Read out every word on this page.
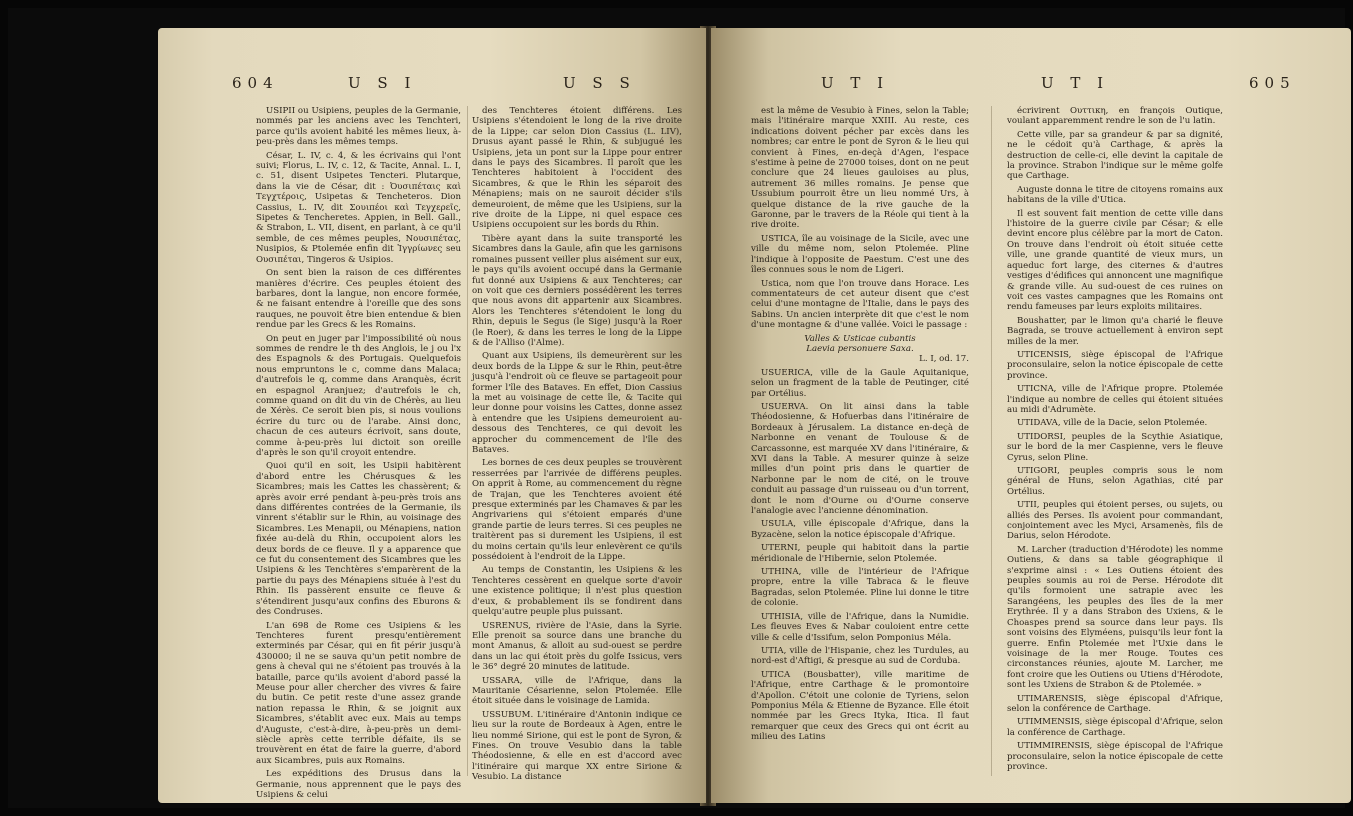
604	U S I	U S S

USIPII ou Usipiens, peuples de la Germanie, nommés par les anciens avec les Tenchteri, parce qu'ils avoient habité les mêmes lieux, à-peu-près dans les mêmes temps.

César, L. IV, c. 4, & les écrivains qui l'ont suivi; Florus, L. IV, c. 12, & Tacite, Annal. L. I, c. 51, disent Usipetes Tencteri. Plutarque, dans la vie de César, dit : Ὀυσιπέταις καὶ Τεγχτέροις, Usipetas & Tencheteros. Dion Cassius, L. IV, dit Σουιπέοι καὶ Τεγχερεῖς, Sipetes & Tencheretes. Appien, in Bell. Gall., & Strabon, L. VII, disent, en parlant, à ce qu'il semble, de ces mêmes peuples, Νουσιπέτας, Nusipios, & Ptolemée enfin dit Ἰγγρίωνες seu Ουσιπέται, Tingeros & Usipios.

On sent bien la raison de ces différentes manières d'écrire. Ces peuples étoient des barbares, dont la langue, non encore formée, & ne faisant entendre à l'oreille que des sons rauques, ne pouvoit être bien entendue & bien rendue par les Grecs & les Romains.

On peut en juger par l'impossibilité où nous sommes de rendre le th des Anglois, le j ou l'x des Espagnols & des Portugais. Quelquefois nous empruntons le c, comme dans Malaca; d'autrefois le q, comme dans Aranquès, écrit en espagnol Aranjuez; d'autrefois le ch, comme quand on dit du vin de Chérès, au lieu de Xérès. Ce seroit bien pis, si nous voulions écrire du turc ou de l'arabe. Ainsi donc, chacun de ces auteurs écrivoit, sans doute, comme à-peu-près lui dictoit son oreille d'après le son qu'il croyoit entendre.

Quoi qu'il en soit, les Usipii habitèrent d'abord entre les Chérusques & les Sicambres; mais les Cattes les chassèrent; & après avoir erré pendant à-peu-près trois ans dans différentes contrées de la Germanie, ils vinrent s'établir sur le Rhin, au voisinage des Sicambres. Les Menapii, ou Ménapiens, nation fixée au-delà du Rhin, occupoient alors les deux bords de ce fleuve. Il y a apparence que ce fut du consentement des Sicambres que les Usipiens & les Tenchtères s'emparèrent de la partie du pays des Ménapiens située à l'est du Rhin. Ils passèrent ensuite ce fleuve & s'étendirent jusqu'aux confins des Eburons & des Condruses.

L'an 698 de Rome ces Usipiens & les Tenchteres furent presqu'entièrement exterminés par César, qui en fit périr jusqu'à 430000; il ne se sauva qu'un petit nombre de gens à cheval qui ne s'étoient pas trouvés à la bataille, parce qu'ils avoient d'abord passé la Meuse pour aller chercher des vivres & faire du butin. Ce petit reste d'une assez grande nation repassa le Rhin, & se joignit aux Sicambres, s'établit avec eux. Mais au temps d'Auguste, c'est-à-dire, à-peu-près un demi-siècle après cette terrible défaite, ils se trouvèrent en état de faire la guerre, d'abord aux Sicambres, puis aux Romains.

Les expéditions des Drusus dans la Germanie, nous apprennent que le pays des Usipiens & celui

des Tenchteres étoient différens. Les Usipiens s'étendoient le long de la rive droite de la Lippe; car selon Dion Cassius (L. LIV), Drusus ayant passé le Rhin, & subjugué les Usipiens, jeta un pont sur la Lippe pour entrer dans le pays des Sicambres. Il paroît que les Tenchteres habitoient à l'occident des Sicambres, & que le Rhin les séparoit des Ménapiens; mais on ne sauroit décider s'ils demeuroient, de même que les Usipiens, sur la rive droite de la Lippe, ni quel espace ces Usipiens occupoient sur les bords du Rhin.

Tibère ayant dans la suite transporté les Sicambres dans la Gaule, afin que les garnisons romaines pussent veiller plus aisément sur eux, le pays qu'ils avoient occupé dans la Germanie fut donné aux Usipiens & aux Tenchteres; car on voit que ces derniers possédèrent les terres que nous avons dit appartenir aux Sicambres. Alors les Tenchteres s'étendoient le long du Rhin, depuis le Segus (le Sige) jusqu'à la Roer (le Roer), & dans les terres le long de la Lippe & de l'Alliso (l'Alme).

Quant aux Usipiens, ils demeurèrent sur les deux bords de la Lippe & sur le Rhin, peut-être jusqu'à l'endroit où ce fleuve se partageoit pour former l'île des Bataves. En effet, Dion Cassius la met au voisinage de cette île, & Tacite qui leur donne pour voisins les Cattes, donne assez à entendre que les Usipiens demeuroient au-dessous des Tenchteres, ce qui devoit les approcher du commencement de l'île des Bataves.

Les bornes de ces deux peuples se trouvèrent resserrées par l'arrivée de différens peuples. On apprit à Rome, au commencement du règne de Trajan, que les Tenchteres avoient été presque exterminés par les Chamaves & par les Angrivariens qui s'étoient emparés d'une grande partie de leurs terres. Si ces peuples ne traitèrent pas si durement les Usipiens, il est du moins certain qu'ils leur enlevèrent ce qu'ils possédoient à l'endroit de la Lippe.

Au temps de Constantin, les Usipiens & les Tenchteres cessèrent en quelque sorte d'avoir une existence politique; il n'est plus question d'eux, & probablement ils se fondirent dans quelqu'autre peuple plus puissant.

USRENUS, rivière de l'Asie, dans la Syrie. Elle prenoit sa source dans une branche du mont Amanus, & alloit au sud-ouest se perdre dans un lac qui étoit près du golfe Issicus, vers le 36° degré 20 minutes de latitude.

USSARA, ville de l'Afrique, dans la Mauritanie Césarienne, selon Ptolemée. Elle étoit située dans le voisinage de Lamida.

USSUBUM. L'itinéraire d'Antonin indique ce lieu sur la route de Bordeaux à Agen, entre le lieu nommé Sirione, qui est le pont de Syron, & Fines. On trouve Vesubio dans la table Théodosienne, & elle en est d'accord avec l'itinéraire qui marque XX entre Sirione & Vesubio. La distance

U T I	U T I	605

est la même de Vesubio à Fines, selon la Table; mais l'itinéraire marque XXIII. Au reste, ces indications doivent pécher par excès dans les nombres; car entre le pont de Syron & le lieu qui convient à Fines, en-deçà d'Agen, l'espace s'estime à peine de 27000 toises, dont on ne peut conclure que 24 lieues gauloises au plus, autrement 36 milles romains. Je pense que Ussubium pourroit être un lieu nommé Urs, à quelque distance de la rive gauche de la Garonne, par le travers de la Réole qui tient à la rive droite.

USTICA, île au voisinage de la Sicile, avec une ville du même nom, selon Ptolemée. Pline l'indique à l'opposite de Paestum. C'est une des îles connues sous le nom de Ligeri.

Ustica, nom que l'on trouve dans Horace. Les commentateurs de cet auteur disent que c'est celui d'une montagne de l'Italie, dans le pays des Sabins. Un ancien interprète dit que c'est le nom d'une montagne & d'une vallée. Voici le passage :

Valles & Usticae cubantis

Laevia personuere Saxa.

L. I, od. 17.

USUERICA, ville de la Gaule Aquitanique, selon un fragment de la table de Peutinger, cité par Ortélius.

USUERVA. On lit ainsi dans la table Théodosienne, & Hofuerbas dans l'itinéraire de Bordeaux à Jérusalem. La distance en-deçà de Narbonne en venant de Toulouse & de Carcassonne, est marquée XV dans l'itinéraire, & XVI dans la Table. A mesurer quinze à seize milles d'un point pris dans le quartier de Narbonne par le nom de cité, on le trouve conduit au passage d'un ruisseau ou d'un torrent, dont le nom d'Ourne ou d'Ourne conserve l'analogie avec l'ancienne dénomination.

USULA, ville épiscopale d'Afrique, dans la Byzacène, selon la notice épiscopale d'Afrique.

UTERNI, peuple qui habitoit dans la partie méridionale de l'Hibernie, selon Ptolemée.

UTHINA, ville de l'intérieur de l'Afrique propre, entre la ville Tabraca & le fleuve Bagradas, selon Ptolemée. Pline lui donne le titre de colonie.

UTHISIA, ville de l'Afrique, dans la Numidie. Les fleuves Eves & Nabar couloient entre cette ville & celle d'Issifum, selon Pomponius Méla.

UTIA, ville de l'Hispanie, chez les Turdules, au nord-est d'Aftigi, & presque au sud de Corduba.

UTICA (Bousbatter), ville maritime de l'Afrique, entre Carthage & le promontoire d'Apollon. C'étoit une colonie de Tyriens, selon Pomponius Méla & Etienne de Byzance. Elle étoit nommée par les Grecs Ityka, Itica. Il faut remarquer que ceux des Grecs qui ont écrit au milieu des Latins

écrivirent Ουττικη, en françois Outique, voulant apparemment rendre le son de l'u latin.

Cette ville, par sa grandeur & par sa dignité, ne le cédoit qu'à Carthage, & après la destruction de celle-ci, elle devint la capitale de la province. Strabon l'indique sur le même golfe que Carthage.

Auguste donna le titre de citoyens romains aux habitans de la ville d'Utica.

Il est souvent fait mention de cette ville dans l'histoire de la guerre civile par César; & elle devint encore plus célèbre par la mort de Caton. On trouve dans l'endroit où étoit située cette ville, une grande quantité de vieux murs, un aqueduc fort large, des citernes & d'autres vestiges d'édifices qui annoncent une magnifique & grande ville. Au sud-ouest de ces ruines on voit ces vastes campagnes que les Romains ont rendu fameuses par leurs exploits militaires.

Boushatter, par le limon qu'a charié le fleuve Bagrada, se trouve actuellement à environ sept milles de la mer.

UTICENSIS, siège épiscopal de l'Afrique proconsulaire, selon la notice épiscopale de cette province.

UTICNA, ville de l'Afrique propre. Ptolemée l'indique au nombre de celles qui étoient situées au midi d'Adrumète.

UTIDAVA, ville de la Dacie, selon Ptolemée.

UTIDORSI, peuples de la Scythie Asiatique, sur le bord de la mer Caspienne, vers le fleuve Cyrus, selon Pline.

UTIGORI, peuples compris sous le nom général de Huns, selon Agathias, cité par Ortélius.

UTII, peuples qui étoient perses, ou sujets, ou alliés des Perses. Ils avoient pour commandant, conjointement avec les Myci, Arsamenès, fils de Darius, selon Hérodote.

M. Larcher (traduction d'Hérodote) les nomme Outiens, & dans sa table géographique il s'exprime ainsi : « Les Outiens étoient des peuples soumis au roi de Perse. Hérodote dit qu'ils formoient une satrapie avec les Sarangéens, les peuples des îles de la mer Erythrée. Il y a dans Strabon des Uxiens, & le Choaspes prend sa source dans leur pays. Ils sont voisins des Elyméens, puisqu'ils leur font la guerre. Enfin Ptolemée met l'Uxie dans le voisinage de la mer Rouge. Toutes ces circonstances réunies, ajoute M. Larcher, me font croire que les Outiens ou Utiens d'Hérodote, sont les Uxiens de Strabon & de Ptolemée. »

UTIMARENSIS, siège épiscopal d'Afrique, selon la conférence de Carthage.

UTIMMENSIS, siège épiscopal d'Afrique, selon la conférence de Carthage.

UTIMMIRENSIS, siège épiscopal de l'Afrique proconsulaire, selon la notice épiscopale de cette province.
